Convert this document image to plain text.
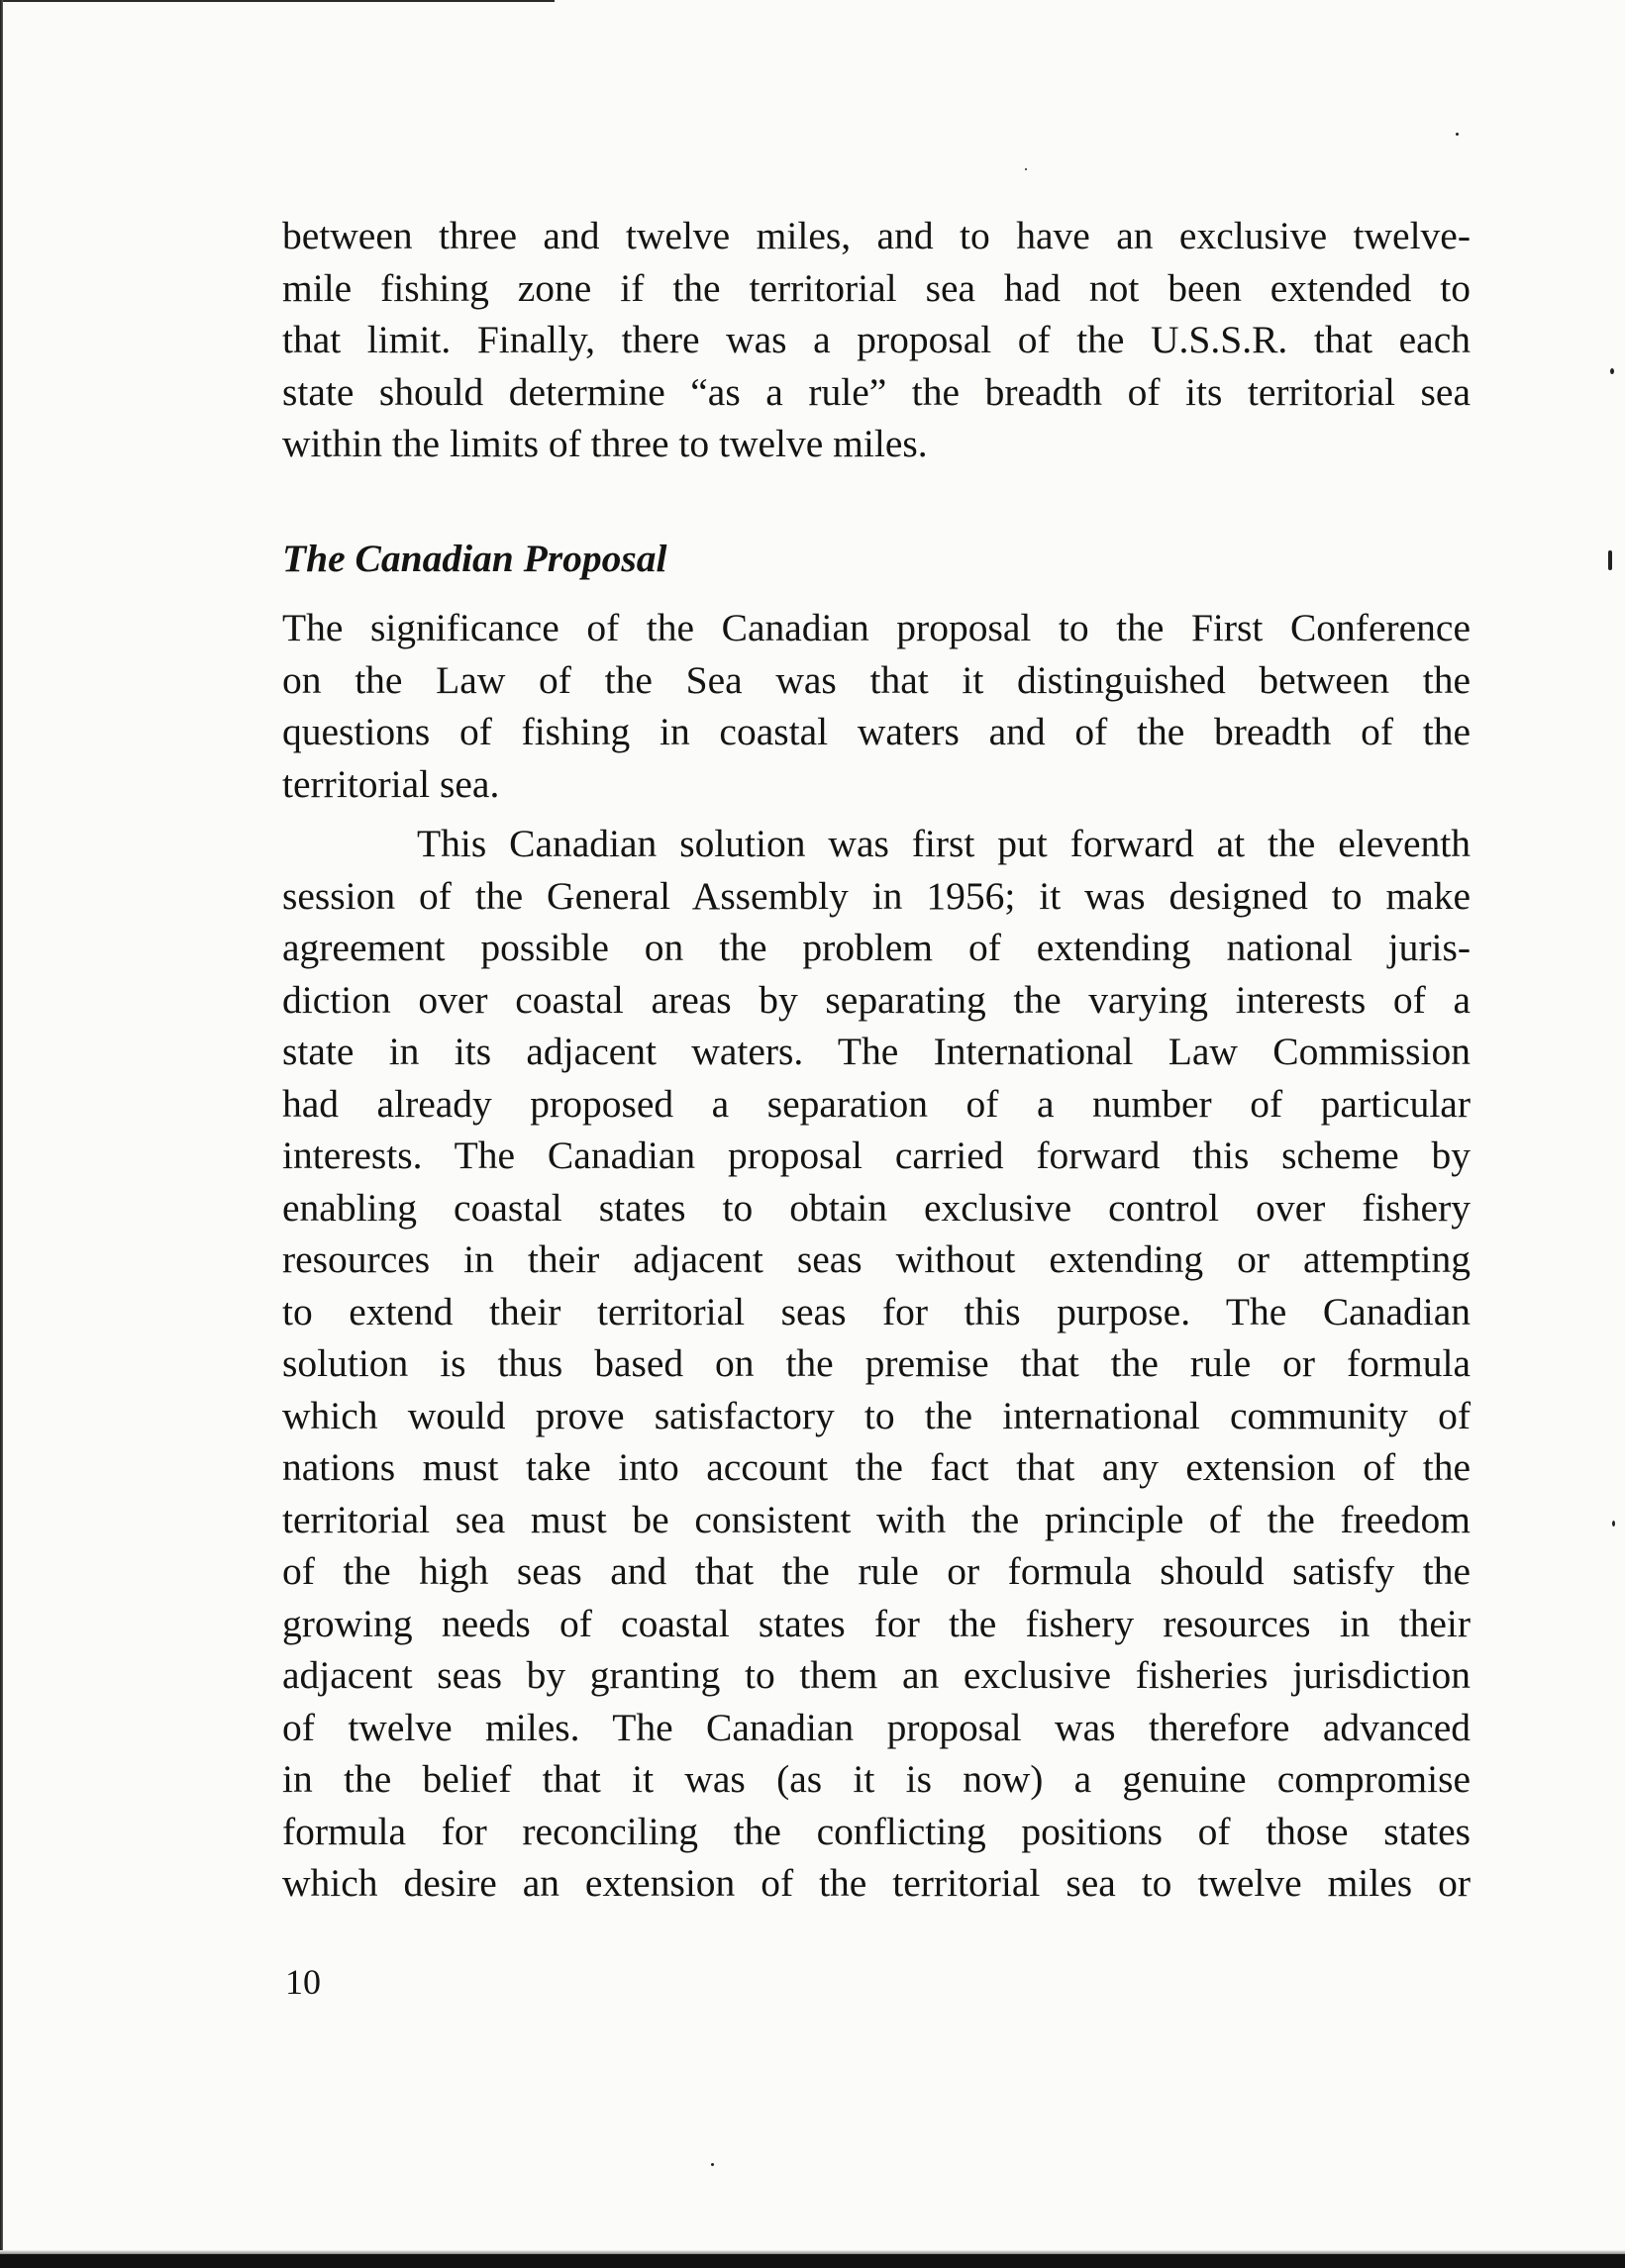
between three and twelve miles, and to have an exclusive twelve-
mile fishing zone if the territorial sea had not been extended to
that limit. Finally, there was a proposal of the U.S.S.R. that each
state should determine “as a rule” the breadth of its territorial sea
within the limits of three to twelve miles.

The Canadian Proposal

The significance of the Canadian proposal to the First Conference
on the Law of the Sea was that it distinguished between the
questions of fishing in coastal waters and of the breadth of the
territorial sea.

This Canadian solution was first put forward at the eleventh
session of the General Assembly in 1956; it was designed to make
agreement possible on the problem of extending national juris-
diction over coastal areas by separating the varying interests of a
state in its adjacent waters. The International Law Commission
had already proposed a separation of a number of particular
interests. The Canadian proposal carried forward this scheme by
enabling coastal states to obtain exclusive control over fishery
resources in their adjacent seas without extending or attempting
to extend their territorial seas for this purpose. The Canadian
solution is thus based on the premise that the rule or formula
which would prove satisfactory to the international community of
nations must take into account the fact that any extension of the
territorial sea must be consistent with the principle of the freedom
of the high seas and that the rule or formula should satisfy the
growing needs of coastal states for the fishery resources in their
adjacent seas by granting to them an exclusive fisheries jurisdiction
of twelve miles. The Canadian proposal was therefore advanced
in the belief that it was (as it is now) a genuine compromise
formula for reconciling the conflicting positions of those states
which desire an extension of the territorial sea to twelve miles or

10
